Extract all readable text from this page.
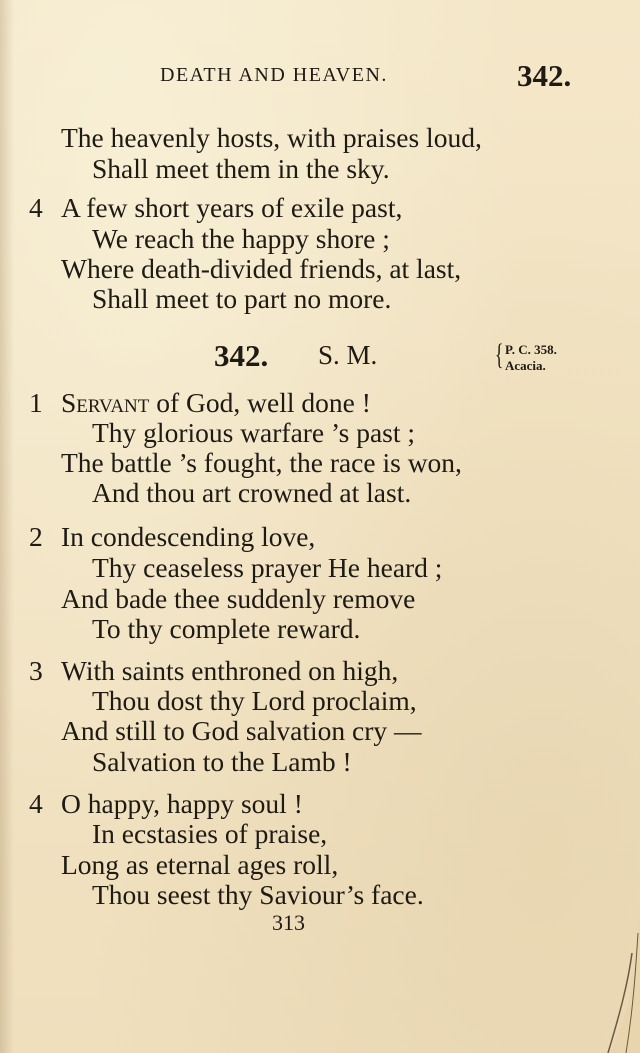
DEATH AND HEAVEN.	342.
The heavenly hosts, with praises loud,
Shall meet them in the sky.
4 A few short years of exile past,
We reach the happy shore ;
Where death-divided friends, at last,
Shall meet to part no more.
342. S. M.	{ P. C. 358.
Acacia.
1 Servant of God, well done !
Thy glorious warfare ’s past ;
The battle ’s fought, the race is won,
And thou art crowned at last.
2 In condescending love,
Thy ceaseless prayer He heard ;
And bade thee suddenly remove
To thy complete reward.
3 With saints enthroned on high,
Thou dost thy Lord proclaim,
And still to God salvation cry —
Salvation to the Lamb !
4 O happy, happy soul !
In ecstasies of praise,
Long as eternal ages roll,
Thou seest thy Saviour’s face.
313
